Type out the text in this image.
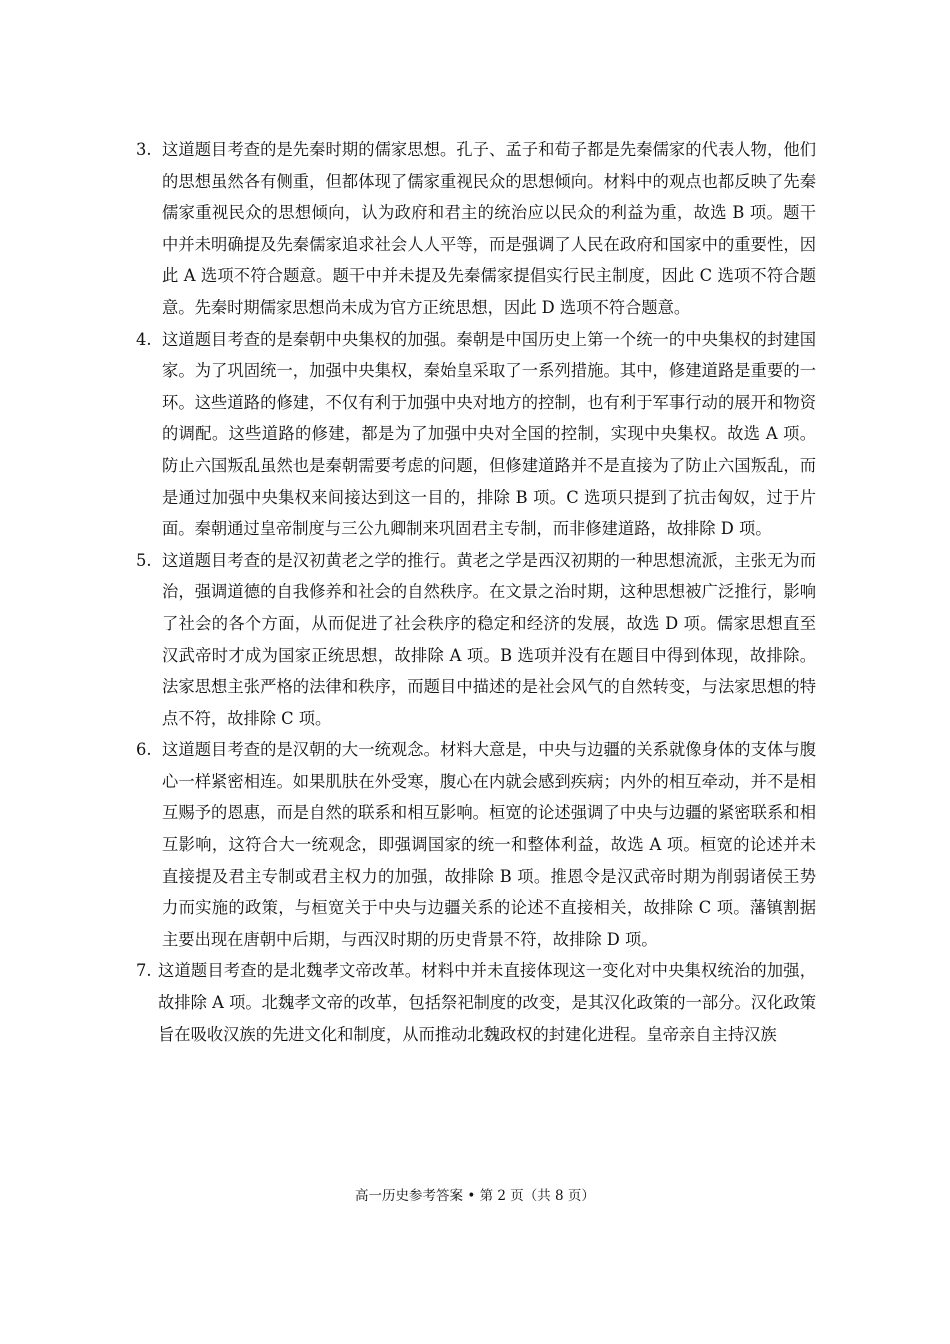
3. 这道题目考查的是先秦时期的儒家思想。孔子、孟子和荀子都是先秦儒家的代表人物，他们的思想虽然各有侧重，但都体现了儒家重视民众的思想倾向。材料中的观点也都反映了先秦儒家重视民众的思想倾向，认为政府和君主的统治应以民众的利益为重，故选 B 项。题干中并未明确提及先秦儒家追求社会人人平等，而是强调了人民在政府和国家中的重要性，因此 A 选项不符合题意。题干中并未提及先秦儒家提倡实行民主制度，因此 C 选项不符合题意。先秦时期儒家思想尚未成为官方正统思想，因此 D 选项不符合题意。
4. 这道题目考查的是秦朝中央集权的加强。秦朝是中国历史上第一个统一的中央集权的封建国家。为了巩固统一，加强中央集权，秦始皇采取了一系列措施。其中，修建道路是重要的一环。这些道路的修建，不仅有利于加强中央对地方的控制，也有利于军事行动的展开和物资的调配。这些道路的修建，都是为了加强中央对全国的控制，实现中央集权。故选 A 项。防止六国叛乱虽然也是秦朝需要考虑的问题，但修建道路并不是直接为了防止六国叛乱，而是通过加强中央集权来间接达到这一目的，排除 B 项。C 选项只提到了抗击匈奴，过于片面。秦朝通过皇帝制度与三公九卿制来巩固君主专制，而非修建道路，故排除 D 项。
5. 这道题目考查的是汉初黄老之学的推行。黄老之学是西汉初期的一种思想流派，主张无为而治，强调道德的自我修养和社会的自然秩序。在文景之治时期，这种思想被广泛推行，影响了社会的各个方面，从而促进了社会秩序的稳定和经济的发展，故选 D 项。儒家思想直至汉武帝时才成为国家正统思想，故排除 A 项。B 选项并没有在题目中得到体现，故排除。法家思想主张严格的法律和秩序，而题目中描述的是社会风气的自然转变，与法家思想的特点不符，故排除 C 项。
6. 这道题目考查的是汉朝的大一统观念。材料大意是，中央与边疆的关系就像身体的支体与腹心一样紧密相连。如果肌肤在外受寒，腹心在内就会感到疾病；内外的相互牵动，并不是相互赐予的恩惠，而是自然的联系和相互影响。桓宽的论述强调了中央与边疆的紧密联系和相互影响，这符合大一统观念，即强调国家的统一和整体利益，故选 A 项。桓宽的论述并未直接提及君主专制或君主权力的加强，故排除 B 项。推恩令是汉武帝时期为削弱诸侯王势力而实施的政策，与桓宽关于中央与边疆关系的论述不直接相关，故排除 C 项。藩镇割据主要出现在唐朝中后期，与西汉时期的历史背景不符，故排除 D 项。
7. 这道题目考查的是北魏孝文帝改革。材料中并未直接体现这一变化对中央集权统治的加强，故排除 A 项。北魏孝文帝的改革，包括祭祀制度的改变，是其汉化政策的一部分。汉化政策旨在吸收汉族的先进文化和制度，从而推动北魏政权的封建化进程。皇帝亲自主持汉族
高一历史参考答案 • 第 2 页（共 8 页）
